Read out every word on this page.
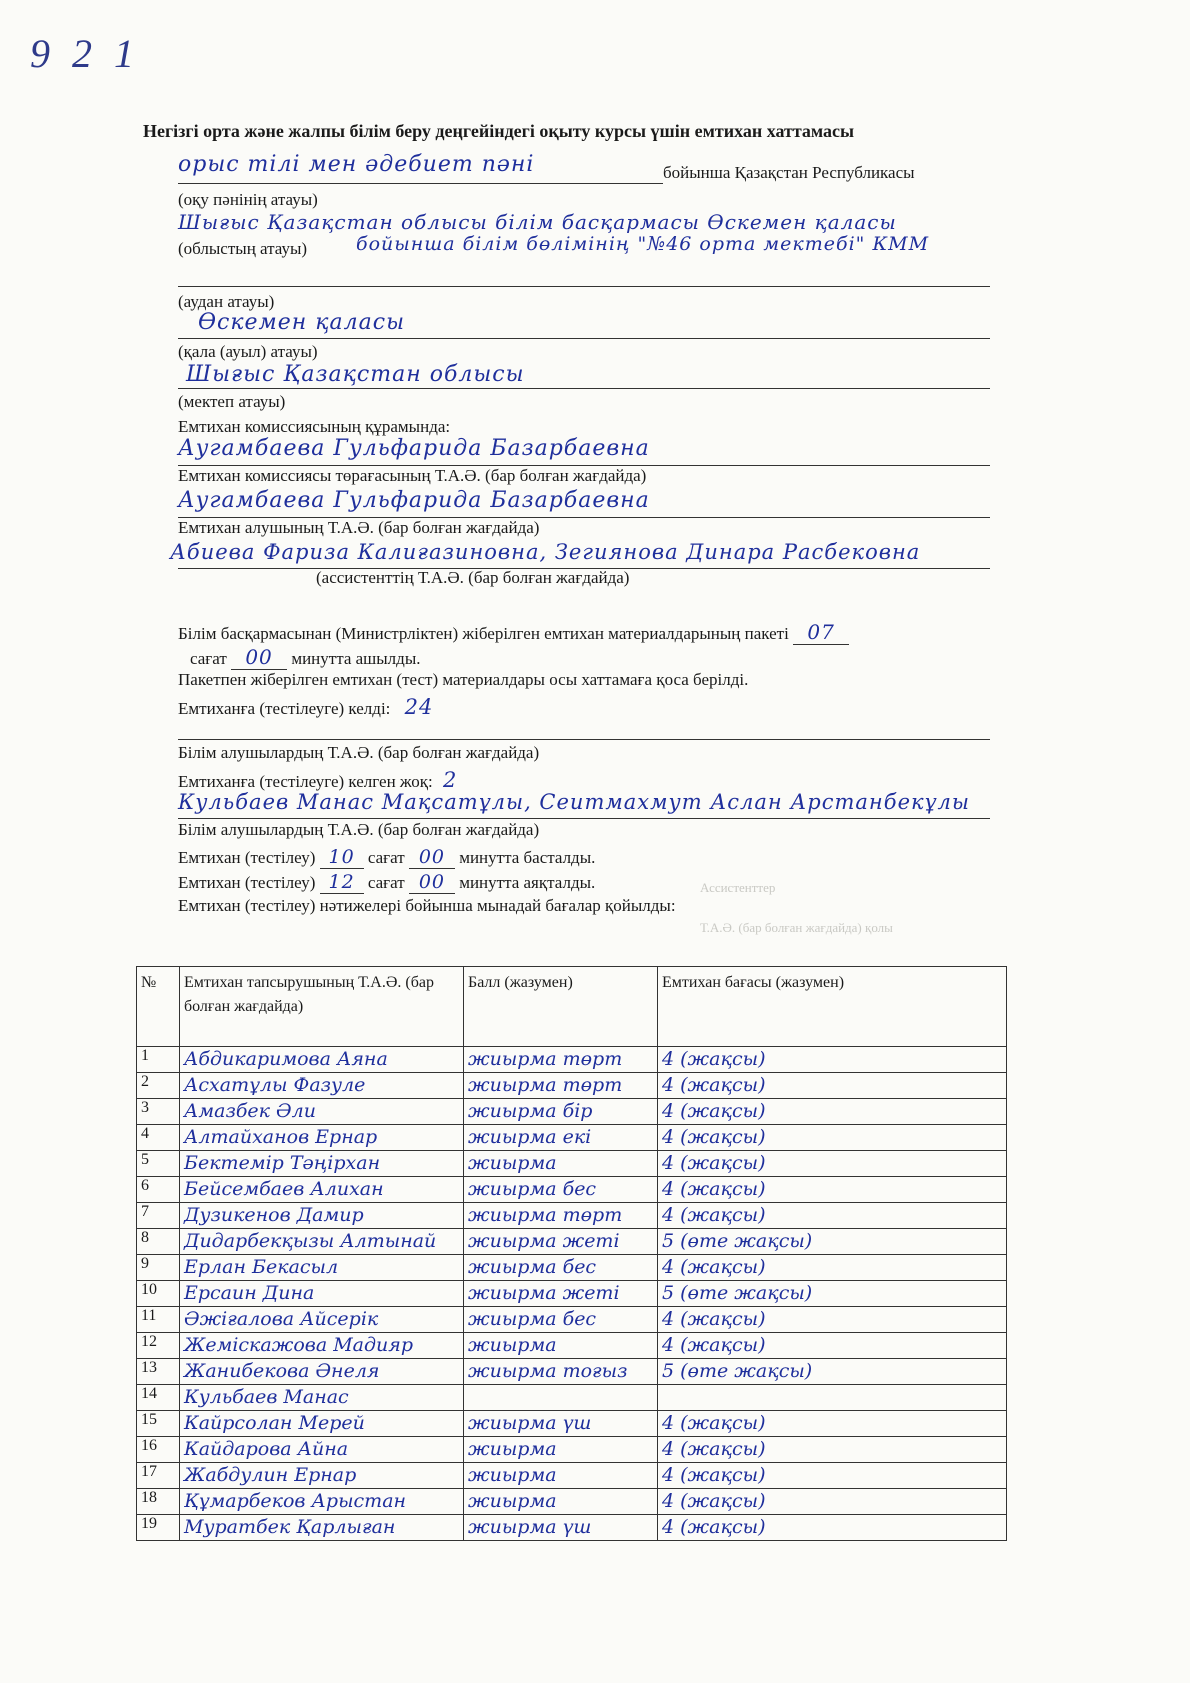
Ассистенттер
Т.А.Ә. (бар болған жағдайда) қолы
9 2 1
Негізгі орта және жалпы білім беру деңгейіндегі оқыту курсы үшін емтихан хаттамасы
орыс тілі мен әдебиет пәні	бойынша Қазақстан Республикасы
(оқу пәнінің атауы)
Шығыс Қазақстан облысы білім басқармасы Өскемен қаласы
(облыстың атауы)	бойынша білім бөлімінің "№46 орта мектебі" КММ
(аудан атауы)
Өскемен қаласы
(қала (ауыл) атауы)
Шығыс Қазақстан облысы
(мектеп атауы)
Емтихан комиссиясының құрамында:
Аугамбаева Гульфарида Базарбаевна
Емтихан комиссиясы төрағасының Т.А.Ә. (бар болған жағдайда)
Аугамбаева Гульфарида Базарбаевна
Емтихан алушының Т.А.Ә. (бар болған жағдайда)
Абиева Фариза Калиғазиновна, Зегиянова Динара Расбековна
(ассистенттің Т.А.Ә. (бар болған жағдайда)
Білім басқармасынан (Министрліктен) жіберілген емтихан материалдарының пакеті 07
сағат 00 минутта ашылды.
Пакетпен жіберілген емтихан (тест) материалдары осы хаттамаға қоса берілді.
Емтиханға (тестілеуге) келді: 24
Білім алушылардың Т.А.Ә. (бар болған жағдайда)
Емтиханға (тестілеуге) келген жоқ: 2
Кульбаев Манас Мақсатұлы, Сеитмахмут Аслан Арстанбекұлы
Білім алушылардың Т.А.Ә. (бар болған жағдайда)
Емтихан (тестілеу) 10 сағат 00 минутта басталды.
Емтихан (тестілеу) 12 сағат 00 минутта аяқталды.
Емтихан (тестілеу) нәтижелері бойынша мынадай бағалар қойылды:
№	Емтихан тапсырушының Т.А.Ә. (бар болған жағдайда)	Балл (жазумен)	Емтихан бағасы (жазумен)
1	Абдикаримова Аяна	жиырма төрт	4 (жақсы)
2	Асхатұлы Фазуле	жиырма төрт	4 (жақсы)
3	Амазбек Әли	жиырма бір	4 (жақсы)
4	Алтайханов Ернар	жиырма екі	4 (жақсы)
5	Бектемір Тәңірхан	жиырма	4 (жақсы)
6	Бейсембаев Алихан	жиырма бес	4 (жақсы)
7	Дузикенов Дамир	жиырма төрт	4 (жақсы)
8	Дидарбекқызы Алтынай	жиырма жеті	5 (өте жақсы)
9	Ерлан Бекасыл	жиырма бес	4 (жақсы)
10	Ерсаин Дина	жиырма жеті	5 (өте жақсы)
11	Әжіғалова Айсерік	жиырма бес	4 (жақсы)
12	Жеміскажова Мадияр	жиырма	4 (жақсы)
13	Жанибекова Әнеля	жиырма тоғыз	5 (өте жақсы)
14	Кульбаев Манас		
15	Кайрсолан Мерей	жиырма үш	4 (жақсы)
16	Кайдарова Айна	жиырма	4 (жақсы)
17	Жабдулин Ернар	жиырма	4 (жақсы)
18	Құмарбеков Арыстан	жиырма	4 (жақсы)
19	Муратбек Қарлыған	жиырма үш	4 (жақсы)
